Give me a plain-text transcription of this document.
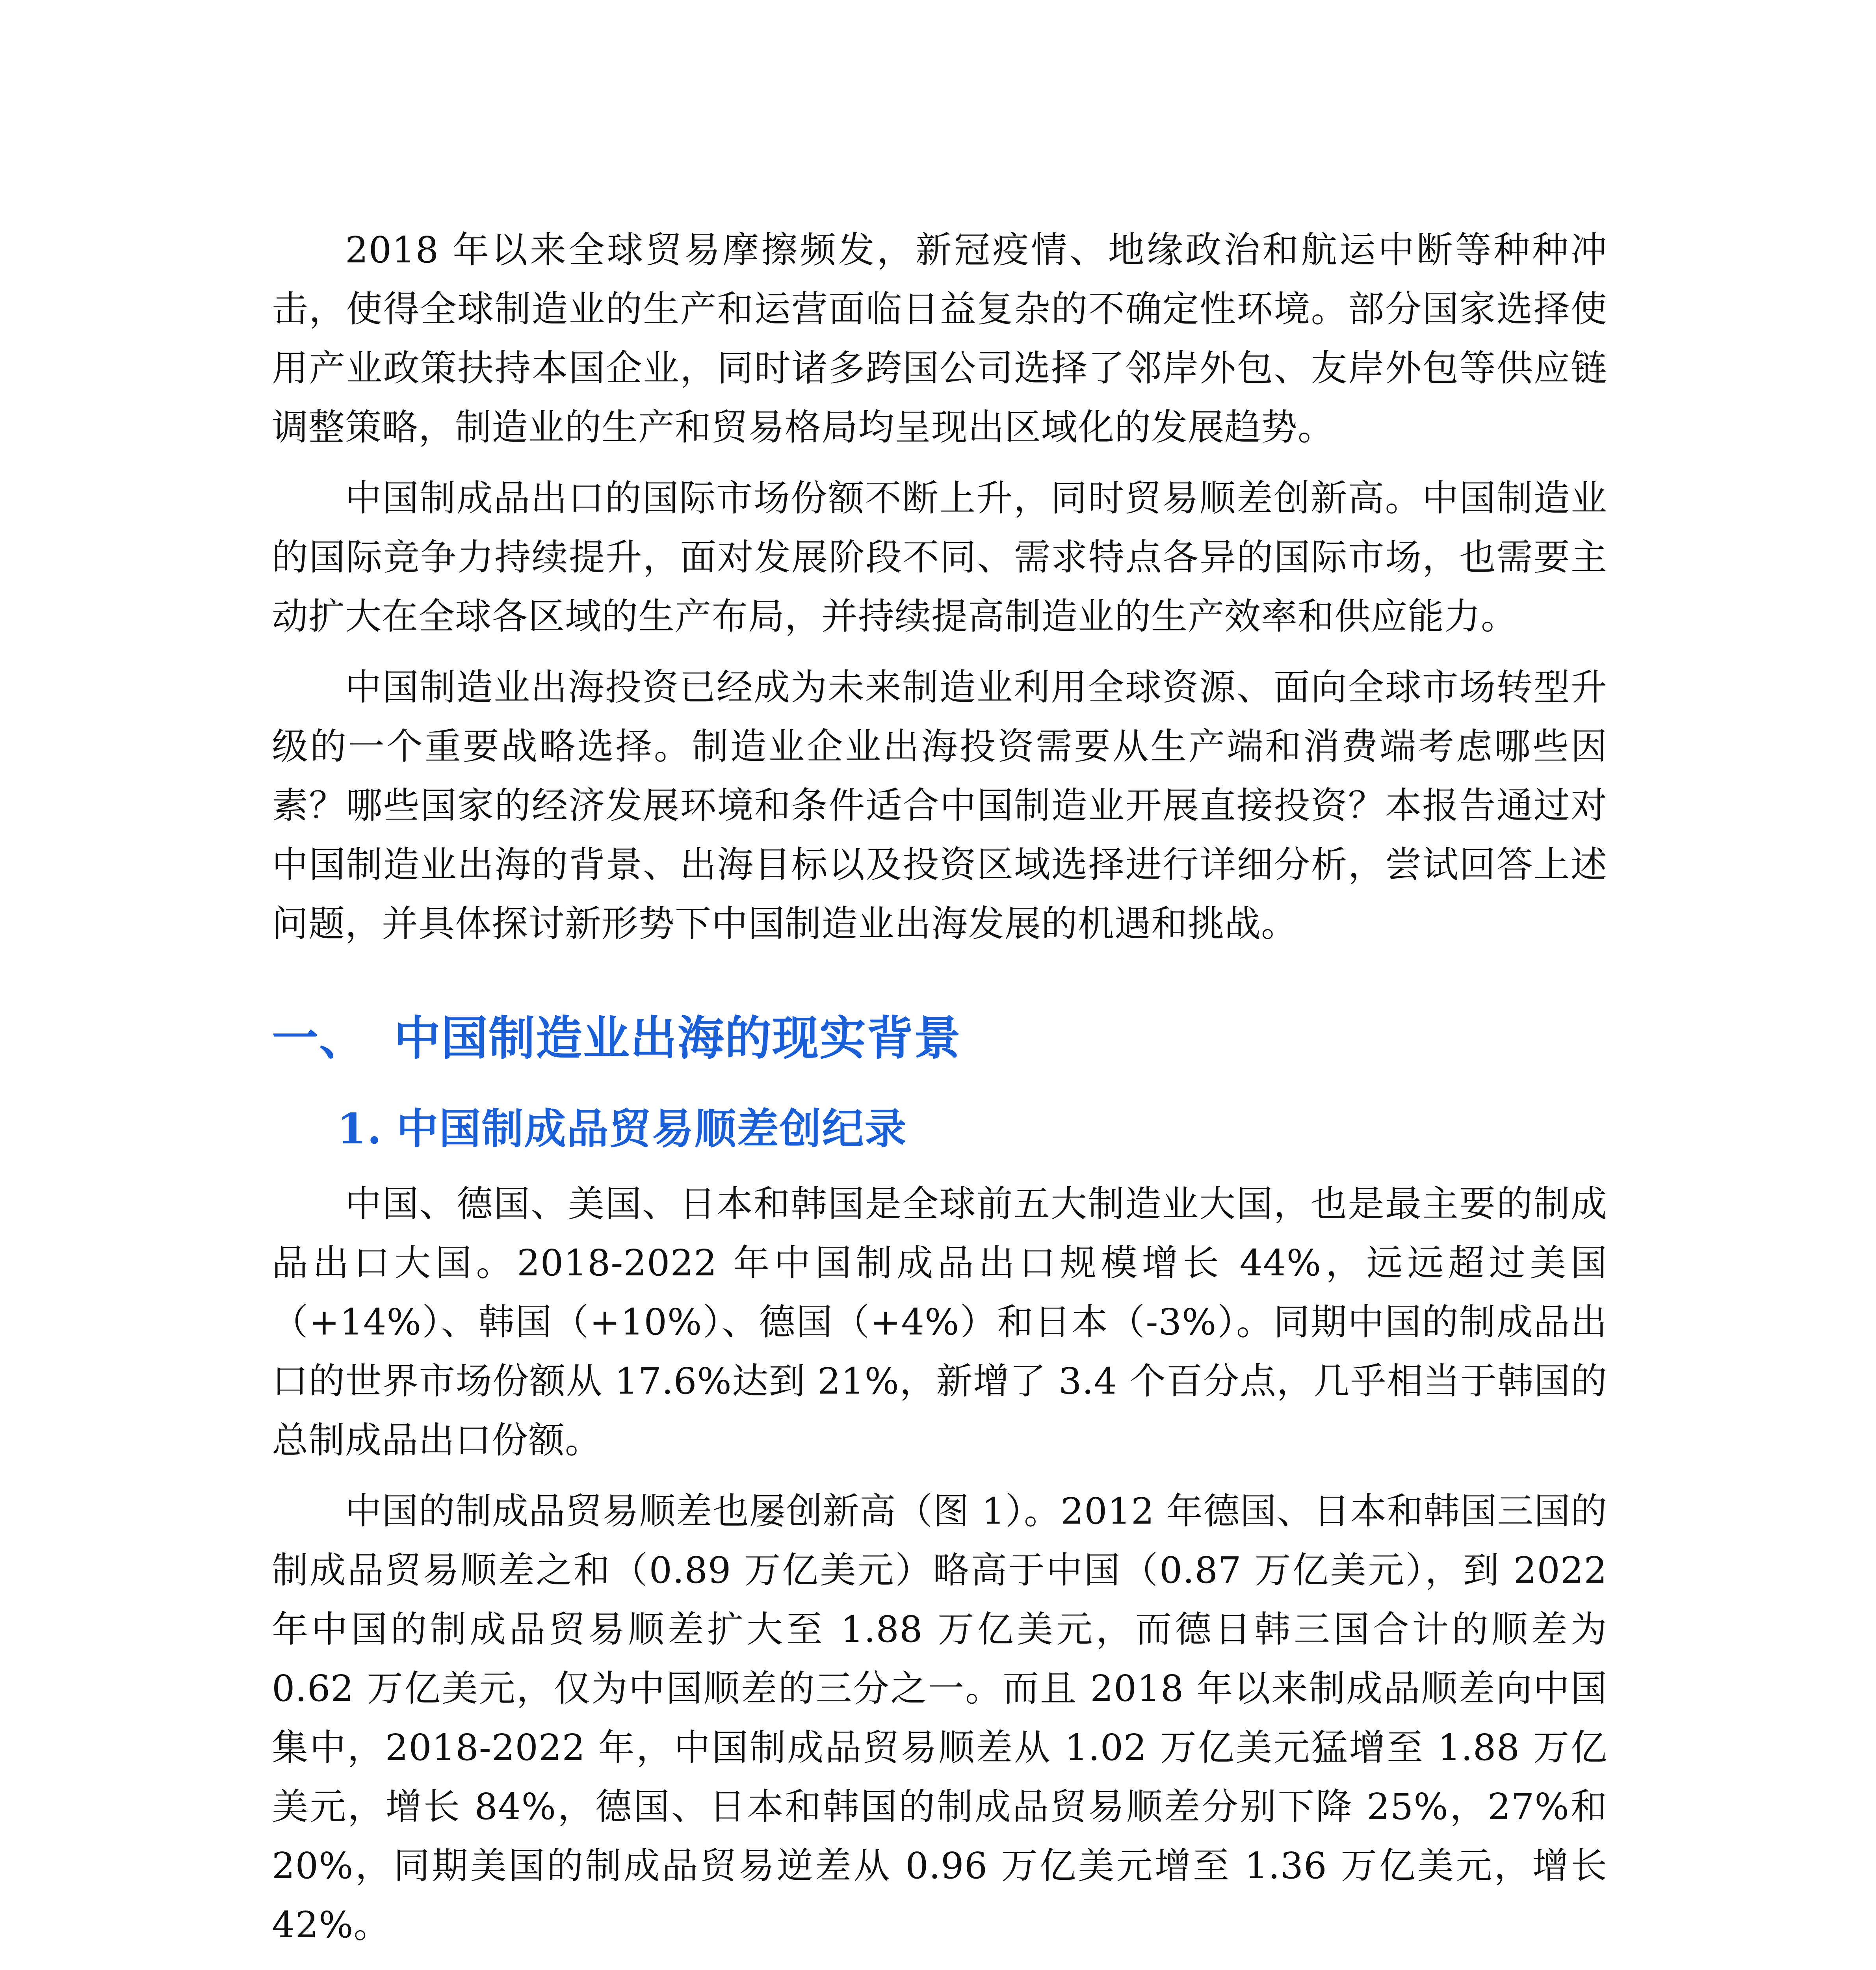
2018 年以来全球贸易摩擦频发，新冠疫情、地缘政治和航运中断等种种冲击，使得全球制造业的生产和运营面临日益复杂的不确定性环境。部分国家选择使用产业政策扶持本国企业，同时诸多跨国公司选择了邻岸外包、友岸外包等供应链调整策略，制造业的生产和贸易格局均呈现出区域化的发展趋势。

中国制成品出口的国际市场份额不断上升，同时贸易顺差创新高。中国制造业的国际竞争力持续提升，面对发展阶段不同、需求特点各异的国际市场，也需要主动扩大在全球各区域的生产布局，并持续提高制造业的生产效率和供应能力。

中国制造业出海投资已经成为未来制造业利用全球资源、面向全球市场转型升级的一个重要战略选择。制造业企业出海投资需要从生产端和消费端考虑哪些因素？哪些国家的经济发展环境和条件适合中国制造业开展直接投资？本报告通过对中国制造业出海的背景、出海目标以及投资区域选择进行详细分析，尝试回答上述问题，并具体探讨新形势下中国制造业出海发展的机遇和挑战。

一、 中国制造业出海的现实背景
1. 中国制成品贸易顺差创纪录

中国、德国、美国、日本和韩国是全球前五大制造业大国，也是最主要的制成品出口大国。2018-2022 年中国制成品出口规模增长 44%，远远超过美国（+14%）、韩国（+10%）、德国（+4%）和日本（-3%）。同期中国的制成品出口的世界市场份额从 17.6%达到 21%，新增了 3.4 个百分点，几乎相当于韩国的总制成品出口份额。

中国的制成品贸易顺差也屡创新高（图 1）。2012 年德国、日本和韩国三国的制成品贸易顺差之和（0.89 万亿美元）略高于中国（0.87 万亿美元），到 2022 年中国的制成品贸易顺差扩大至 1.88 万亿美元，而德日韩三国合计的顺差为 0.62 万亿美元，仅为中国顺差的三分之一。而且 2018 年以来制成品顺差向中国集中，2018-2022 年，中国制成品贸易顺差从 1.02 万亿美元猛增至 1.88 万亿美元，增长 84%，德国、日本和韩国的制成品贸易顺差分别下降 25%，27%和 20%，同期美国的制成品贸易逆差从 0.96 万亿美元增至 1.36 万亿美元，增长 42%。
